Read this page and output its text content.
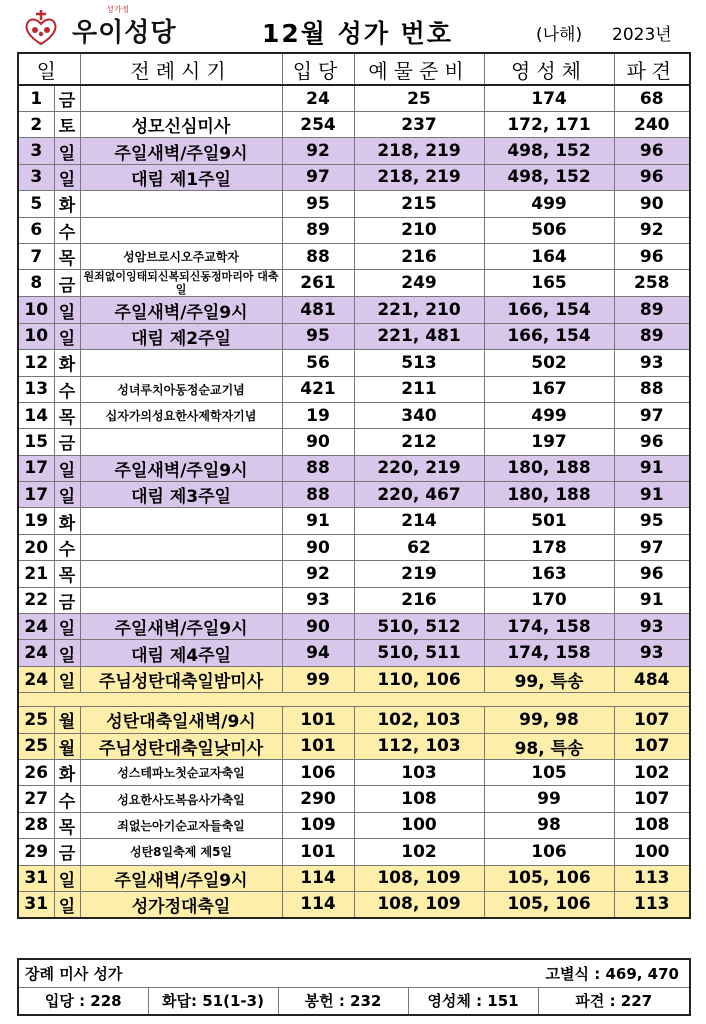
성가정
우이성당	12월 성가 번호	(나해) 2023년
일		전례시기	입당	예물준비	영성체	파견
1	금		24	25	174	68
2	토	성모신심미사	254	237	172, 171	240
3	일	주일새벽/주일9시	92	218, 219	498, 152	96
3	일	대림 제1주일	97	218, 219	498, 152	96
5	화		95	215	499	90
6	수		89	210	506	92
7	목	성암브로시오주교학자	88	216	164	96
8	금	원죄없이잉태되신복되신동정마리아 대축일	261	249	165	258
10	일	주일새벽/주일9시	481	221, 210	166, 154	89
10	일	대림 제2주일	95	221, 481	166, 154	89
12	화		56	513	502	93
13	수	성녀루치아동정순교기념	421	211	167	88
14	목	십자가의성요한사제학자기념	19	340	499	97
15	금		90	212	197	96
17	일	주일새벽/주일9시	88	220, 219	180, 188	91
17	일	대림 제3주일	88	220, 467	180, 188	91
19	화		91	214	501	95
20	수		90	62	178	97
21	목		92	219	163	96
22	금		93	216	170	91
24	일	주일새벽/주일9시	90	510, 512	174, 158	93
24	일	대림 제4주일	94	510, 511	174, 158	93
24	일	주님성탄대축일밤미사	99	110, 106	99, 특송	484

25	월	성탄대축일새벽/9시	101	102, 103	99, 98	107
25	월	주님성탄대축일낮미사	101	112, 103	98, 특송	107
26	화	성스테파노첫순교자축일	106	103	105	102
27	수	성요한사도복음사가축일	290	108	99	107
28	목	죄없는아기순교자들축일	109	100	98	108
29	금	성탄8일축제 제5일	101	102	106	100
31	일	주일새벽/주일9시	114	108, 109	105, 106	113
31	일	성가정대축일	114	108, 109	105, 106	113
장례 미사 성가			고별식 : 469, 470	
입당 : 228	화답: 51(1-3)	봉헌 : 232	영성체 : 151	파견 : 227
